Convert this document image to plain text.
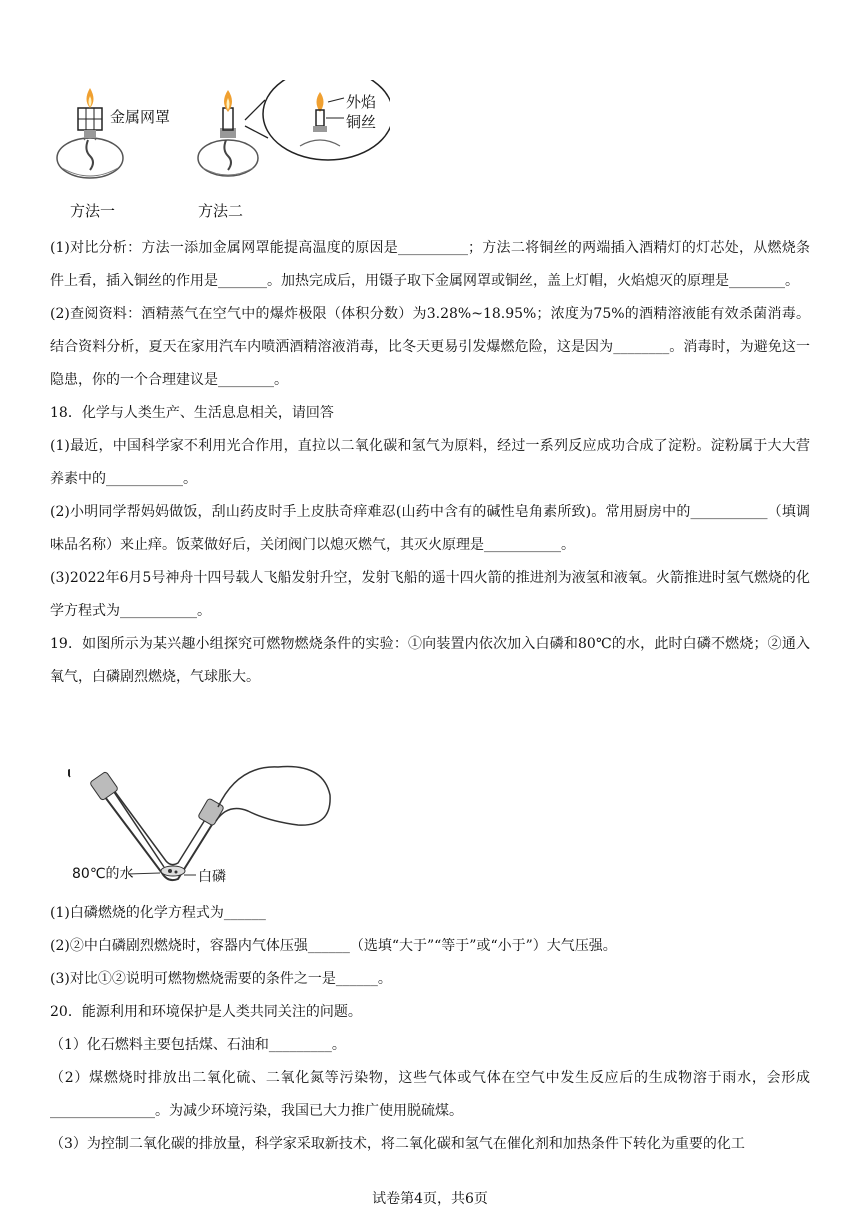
金属网罩
外焰
铜丝
方法一	方法二

(1)对比分析：方法一添加金属网罩能提高温度的原因是__________；方法二将铜丝的两端插入酒精灯的灯芯处，从燃烧条件上看，插入铜丝的作用是_______。加热完成后，用镊子取下金属网罩或铜丝，盖上灯帽，火焰熄灭的原理是________。

(2)查阅资料：酒精蒸气在空气中的爆炸极限（体积分数）为3.28%~18.95%；浓度为75%的酒精溶液能有效杀菌消毒。结合资料分析，夏天在家用汽车内喷洒酒精溶液消毒，比冬天更易引发爆燃危险，这是因为________。消毒时，为避免这一隐患，你的一个合理建议是________。

18．化学与人类生产、生活息息相关，请回答

(1)最近，中国科学家不利用光合作用，直拉以二氧化碳和氢气为原料，经过一系列反应成功合成了淀粉。淀粉属于大大营养素中的___________。

(2)小明同学帮妈妈做饭，刮山药皮时手上皮肤奇痒难忍(山药中含有的碱性皂角素所致)。常用厨房中的___________（填调味品名称）来止痒。饭菜做好后，关闭阀门以熄灭燃气，其灭火原理是___________。

(3)2022年6月5号神舟十四号载人飞船发射升空，发射飞船的遥十四火箭的推进剂为液氢和液氧。火箭推进时氢气燃烧的化学方程式为___________。

19．如图所示为某兴趣小组探究可燃物燃烧条件的实验：①向装置内依次加入白磷和80℃的水，此时白磷不燃烧；②通入氧气，白磷剧烈燃烧，气球胀大。

80℃的水	白磷

(1)白磷燃烧的化学方程式为______

(2)②中白磷剧烈燃烧时，容器内气体压强______（选填“大于”“等于”或“小于”）大气压强。

(3)对比①②说明可燃物燃烧需要的条件之一是______。

20．能源利用和环境保护是人类共同关注的问题。

（1）化石燃料主要包括煤、石油和_________。

（2）煤燃烧时排放出二氧化硫、二氧化氮等污染物，这些气体或气体在空气中发生反应后的生成物溶于雨水，会形成_______________。为减少环境污染，我国已大力推广使用脱硫煤。

（3）为控制二氧化碳的排放量，科学家采取新技术，将二氧化碳和氢气在催化剂和加热条件下转化为重要的化工

试卷第4页，共6页
